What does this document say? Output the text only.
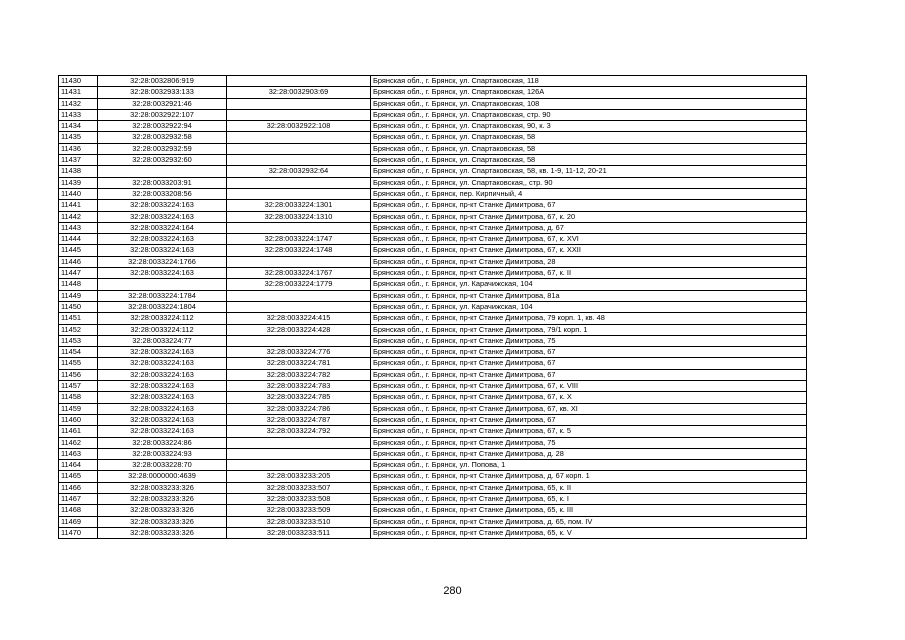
11430	32:28:0032806:919		Брянская обл., г. Брянск, ул. Спартаковская, 118
11431	32:28:0032933:133	32:28:0032903:69	Брянская обл., г. Брянск, ул. Спартаковская, 126А
11432	32:28:0032921:46		Брянская обл., г. Брянск, ул. Спартаковская, 108
11433	32:28:0032922:107		Брянская обл., г. Брянск, ул. Спартаковская, стр. 90
11434	32:28:0032922:94	32:28:0032922:108	Брянская обл., г. Брянск, ул. Спартаковская, 90, к. 3
11435	32:28:0032932:58		Брянская обл., г. Брянск, ул. Спартаковская, 58
11436	32:28:0032932:59		Брянская обл., г. Брянск, ул. Спартаковская, 58
11437	32:28:0032932:60		Брянская обл., г. Брянск, ул. Спартаковская, 58
11438		32:28:0032932:64	Брянская обл., г. Брянск, ул. Спартаковская, 58, кв. 1-9, 11-12, 20-21
11439	32:28:0033203:91		Брянская обл., г. Брянск, ул. Спартаковская,, стр. 90
11440	32:28:0033208:56		Брянская обл., г. Брянск, пер. Кирпичный, 4
11441	32:28:0033224:163	32:28:0033224:1301	Брянская обл., г. Брянск, пр-кт Станке Димитрова, 67
11442	32:28:0033224:163	32:28:0033224:1310	Брянская обл., г. Брянск, пр-кт Станке Димитрова, 67, к. 20
11443	32:28:0033224:164		Брянская обл., г. Брянск, пр-кт Станке Димитрова, д. 67
11444	32:28:0033224:163	32:28:0033224:1747	Брянская обл., г. Брянск, пр-кт Станке Димитрова, 67, к. XVI
11445	32:28:0033224:163	32:28:0033224:1748	Брянская обл., г. Брянск, пр-кт Станке Димитрова, 67, к. XXII
11446	32:28:0033224:1766		Брянская обл., г. Брянск, пр-кт Станке Димитрова, 28
11447	32:28:0033224:163	32:28:0033224:1767	Брянская обл., г. Брянск, пр-кт Станке Димитрова, 67, к. II
11448		32:28:0033224:1779	Брянская обл., г. Брянск, ул. Карачижская, 104
11449	32:28:0033224:1784		Брянская обл., г. Брянск, пр-кт Станке Димитрова, 81а
11450	32:28:0033224:1804		Брянская обл., г. Брянск, ул. Карачижская, 104
11451	32:28:0033224:112	32:28:0033224:415	Брянская обл., г. Брянск, пр-кт Станке Димитрова, 79 корп. 1, кв. 48
11452	32:28:0033224:112	32:28:0033224:428	Брянская обл., г. Брянск, пр-кт Станке Димитрова, 79/1 корп. 1
11453	32:28:0033224:77		Брянская обл., г. Брянск, пр-кт Станке Димитрова, 75
11454	32:28:0033224:163	32:28:0033224:776	Брянская обл., г. Брянск, пр-кт Станке Димитрова, 67
11455	32:28:0033224:163	32:28:0033224:781	Брянская обл., г. Брянск, пр-кт Станке Димитрова, 67
11456	32:28:0033224:163	32:28:0033224:782	Брянская обл., г. Брянск, пр-кт Станке Димитрова, 67
11457	32:28:0033224:163	32:28:0033224:783	Брянская обл., г. Брянск, пр-кт Станке Димитрова, 67, к. VIII
11458	32:28:0033224:163	32:28:0033224:785	Брянская обл., г. Брянск, пр-кт Станке Димитрова, 67, к. X
11459	32:28:0033224:163	32:28:0033224:786	Брянская обл., г. Брянск, пр-кт Станке Димитрова, 67, кв. XI
11460	32:28:0033224:163	32:28:0033224:787	Брянская обл., г. Брянск, пр-кт Станке Димитрова, 67
11461	32:28:0033224:163	32:28:0033224:792	Брянская обл., г. Брянск, пр-кт Станке Димитрова, 67, к. 5
11462	32:28:0033224:86		Брянская обл., г. Брянск, пр-кт Станке Димитрова, 75
11463	32:28:0033224:93		Брянская обл., г. Брянск, пр-кт Станке Димитрова, д. 28
11464	32:28:0033228:70		Брянская обл., г. Брянск, ул. Попова, 1
11465	32:28:0000000:4639	32:28:0033233:205	Брянская обл., г. Брянск, пр-кт Станке Димитрова, д. 67 корп. 1
11466	32:28:0033233:326	32:28:0033233:507	Брянская обл., г. Брянск, пр-кт Станке Димитрова, 65, к. II
11467	32:28:0033233:326	32:28:0033233:508	Брянская обл., г. Брянск, пр-кт Станке Димитрова, 65, к. I
11468	32:28:0033233:326	32:28:0033233:509	Брянская обл., г. Брянск, пр-кт Станке Димитрова, 65, к. III
11469	32:28:0033233:326	32:28:0033233:510	Брянская обл., г. Брянск, пр-кт Станке Димитрова, д. 65, пом. IV
11470	32:28:0033233:326	32:28:0033233:511	Брянская обл., г. Брянск, пр-кт Станке Димитрова, 65, к. V
280
